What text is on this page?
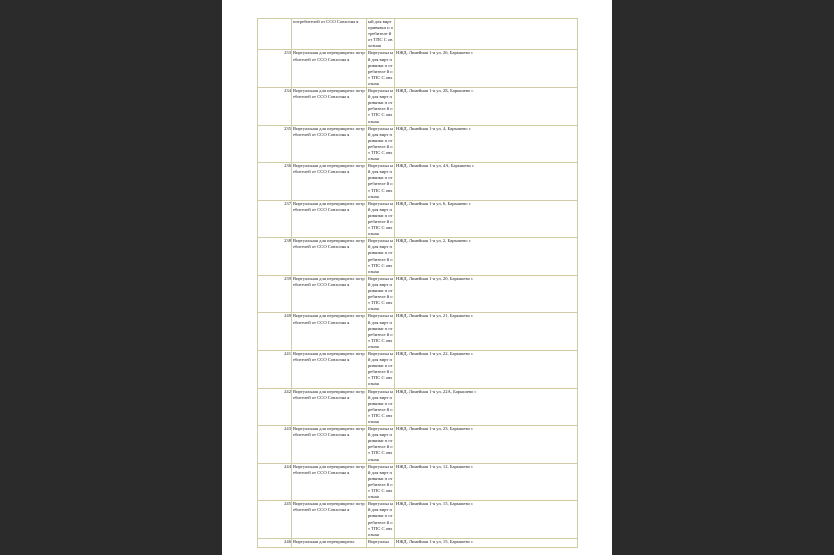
	потребителей от ССО Совхозна я	ый для вирт привязки п отребителе й от ТПС С овхозная	
233	Виртуальная для переприкрепл потребителей от ССО Совхозна я	Виртуальн ый для вирт привязки п отребителе й от ТПС С овхозная	НЖД, Линейная 1-я ул, 26, Барышево с
234	Виртуальная для переприкрепл потребителей от ССО Совхозна я	Виртуальн ый для вирт привязки п отребителе й от ТПС С овхозная	НЖД, Линейная 1-я ул, 2Б, Барышево с
235	Виртуальная для переприкрепл потребителей от ССО Совхозна я	Виртуальн ый для вирт привязки п отребителе й от ТПС С овхозная	НЖД, Линейная 1-я ул, 4, Барышево с
236	Виртуальная для переприкрепл потребителей от ССО Совхозна я	Виртуальн ый для вирт привязки п отребителе й от ТПС С овхозная	НЖД, Линейная 1-я ул, 4А, Барышево с
237	Виртуальная для переприкрепл потребителей от ССО Совхозна я	Виртуальн ый для вирт привязки п отребителе й от ТПС С овхозная	НЖД, Линейная 1-я ул, 6, Барышево с
238	Виртуальная для переприкрепл потребителей от ССО Совхозна я	Виртуальн ый для вирт привязки п отребителе й от ТПС С овхозная	НЖД, Линейная 1-я ул, 2, Барышево с
239	Виртуальная для переприкрепл потребителей от ССО Совхозна я	Виртуальн ый для вирт привязки п отребителе й от ТПС С овхозная	НЖД, Линейная 1-я ул, 20, Барышево с
240	Виртуальная для переприкрепл потребителей от ССО Совхозна я	Виртуальн ый для вирт привязки п отребителе й от ТПС С овхозная	НЖД, Линейная 1-я ул, 21, Барышево с
241	Виртуальная для переприкрепл потребителей от ССО Совхозна я	Виртуальн ый для вирт привязки п отребителе й от ТПС С овхозная	НЖД, Линейная 1-я ул, 22, Барышево с
242	Виртуальная для переприкрепл потребителей от ССО Совхозна я	Виртуальн ый для вирт привязки п отребителе й от ТПС С овхозная	НЖД, Линейная 1-я ул, 22А, Барышево с
243	Виртуальная для переприкрепл потребителей от ССО Совхозна я	Виртуальн ый для вирт привязки п отребителе й от ТПС С овхозная	НЖД, Линейная 1-я ул, 23, Барышево с
244	Виртуальная для переприкрепл потребителей от ССО Совхозна я	Виртуальн ый для вирт привязки п отребителе й от ТПС С овхозная	НЖД, Линейная 1-я ул, 12, Барышево с
245	Виртуальная для переприкрепл потребителей от ССО Совхозна я	Виртуальн ый для вирт привязки п отребителе й от ТПС С овхозная	НЖД, Линейная 1-я ул, 15, Барышево с
246	Виртуальная для переприкрепл	Виртуальн	НЖД, Линейная 1-я ул, 15, Барышево с
